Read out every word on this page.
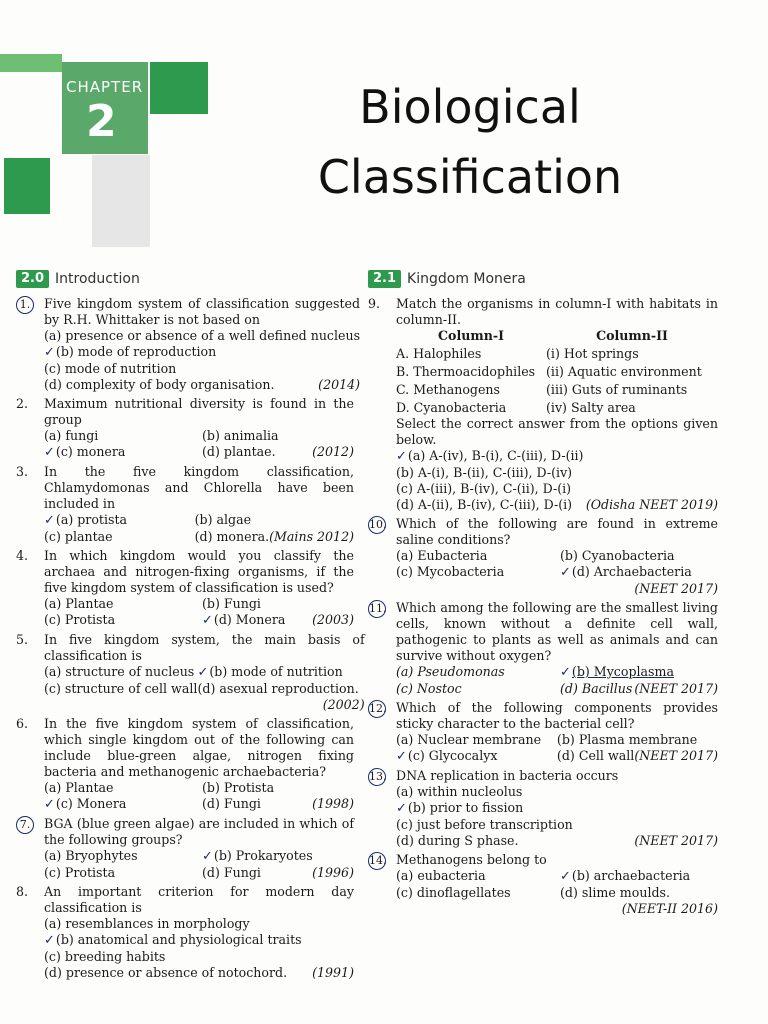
CHAPTER
2	Biological
Classification
2.0 Introduction
1.	Five kingdom system of classification suggested by R.H. Whittaker is not based on
(a) presence or absence of a well defined nucleus
✓(b) mode of reproduction
(c) mode of nutrition
(d) complexity of body organisation.	(2014)
2.	Maximum nutritional diversity is found in the group
(a) fungi	(b) animalia
✓(c) monera	(d) plantae.	(2012)
3.	In the five kingdom classification, Chlamydomonas and Chlorella have been included in
✓(a) protista	(b) algae
(c) plantae	(d) monera. (Mains 2012)
4.	In which kingdom would you classify the archaea and nitrogen-fixing organisms, if the five kingdom system of classification is used?
(a) Plantae	(b) Fungi
(c) Protista	✓(d) Monera (2003)
5.	In five kingdom system, the main basis of classification is
(a) structure of nucleus ✓(b) mode of nutrition
(c) structure of cell wall (d) asexual reproduction.
(2002)
6.	In the five kingdom system of classification, which single kingdom out of the following can include blue-green algae, nitrogen fixing bacteria and methanogenic archaebacteria?
(a) Plantae	(b) Protista
✓(c) Monera	(d) Fungi	(1998)
7.	BGA (blue green algae) are included in which of the following groups?
(a) Bryophytes	✓(b) Prokaryotes
(c) Protista	(d) Fungi	(1996)
8.	An important criterion for modern day classification is
(a) resemblances in morphology
✓(b) anatomical and physiological traits
(c) breeding habits
(d) presence or absence of notochord. (1991)
2.1 Kingdom Monera
9.	Match the organisms in column-I with habitats in column-II.
Column-I	Column-II
A. Halophiles	(i) Hot springs
B. Thermoacidophiles (ii) Aquatic environment
C. Methanogens	(iii) Guts of ruminants
D. Cyanobacteria	(iv) Salty area
Select the correct answer from the options given below.
✓(a) A-(iv), B-(i), C-(iii), D-(ii)
(b) A-(i), B-(ii), C-(iii), D-(iv)
(c) A-(iii), B-(iv), C-(ii), D-(i)
(d) A-(ii), B-(iv), C-(iii), D-(i) (Odisha NEET 2019)
10. Which of the following are found in extreme saline conditions?
(a) Eubacteria	(b) Cyanobacteria
(c) Mycobacteria	✓(d) Archaebacteria
(NEET 2017)
11. Which among the following are the smallest living cells, known without a definite cell wall, pathogenic to plants as well as animals and can survive without oxygen?
(a) Pseudomonas	✓(b) Mycoplasma
(c) Nostoc	(d) Bacillus (NEET 2017)
12. Which of the following components provides sticky character to the bacterial cell?
(a) Nuclear membrane	(b) Plasma membrane
✓(c) Glycocalyx	(d) Cell wall (NEET 2017)
13. DNA replication in bacteria occurs
(a) within nucleolus
✓(b) prior to fission
(c) just before transcription
(d) during S phase.	(NEET 2017)
14. Methanogens belong to
(a) eubacteria	✓(b) archaebacteria
(c) dinoflagellates	(d) slime moulds.
(NEET-II 2016)
